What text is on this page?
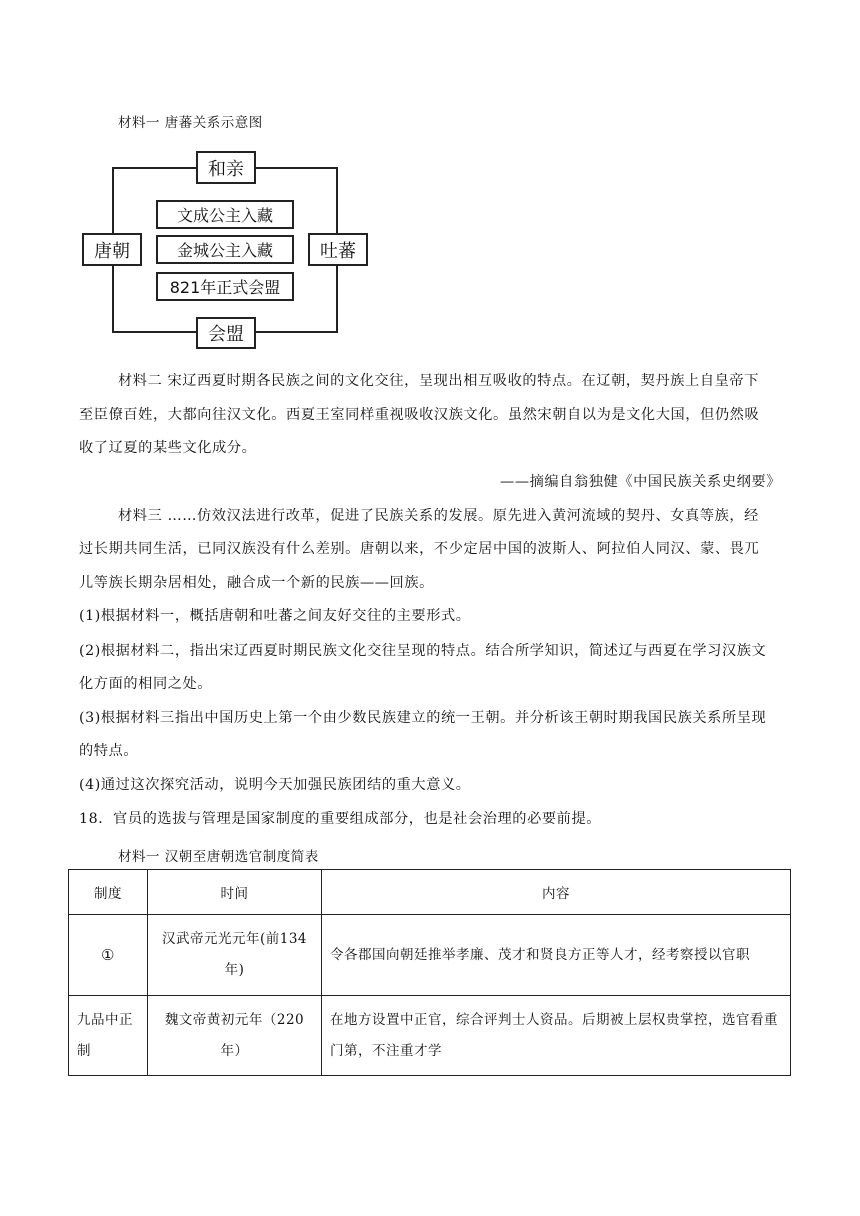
材料一 唐蕃关系示意图
和亲
唐朝	吐蕃
会盟
文成公主入藏
金城公主入藏
821年正式会盟
材料二 宋辽西夏时期各民族之间的文化交往，呈现出相互吸收的特点。在辽朝，契丹族上自皇帝下
至臣僚百姓，大都向往汉文化。西夏王室同样重视吸收汉族文化。虽然宋朝自以为是文化大国，但仍然吸
收了辽夏的某些文化成分。
——摘编自翁独健《中国民族关系史纲要》
材料三 ……仿效汉法进行改革，促进了民族关系的发展。原先进入黄河流域的契丹、女真等族，经
过长期共同生活，已同汉族没有什么差别。唐朝以来，不少定居中国的波斯人、阿拉伯人同汉、蒙、畏兀
儿等族长期杂居相处，融合成一个新的民族——回族。
(1)根据材料一，概括唐朝和吐蕃之间友好交往的主要形式。
(2)根据材料二，指出宋辽西夏时期民族文化交往呈现的特点。结合所学知识，简述辽与西夏在学习汉族文
化方面的相同之处。
(3)根据材料三指出中国历史上第一个由少数民族建立的统一王朝。并分析该王朝时期我国民族关系所呈现
的特点。
(4)通过这次探究活动，说明今天加强民族团结的重大意义。
18．官员的选拔与管理是国家制度的重要组成部分，也是社会治理的必要前提。
材料一 汉朝至唐朝选官制度简表
制度	时间	内容
①	汉武帝元光元年(前134年)	令各郡国向朝廷推举孝廉、茂才和贤良方正等人才，经考察授以官职
九品中正制	魏文帝黄初元年（220年）	在地方设置中正官，综合评判士人资品。后期被上层权贵掌控，选官看重门第，不注重才学
